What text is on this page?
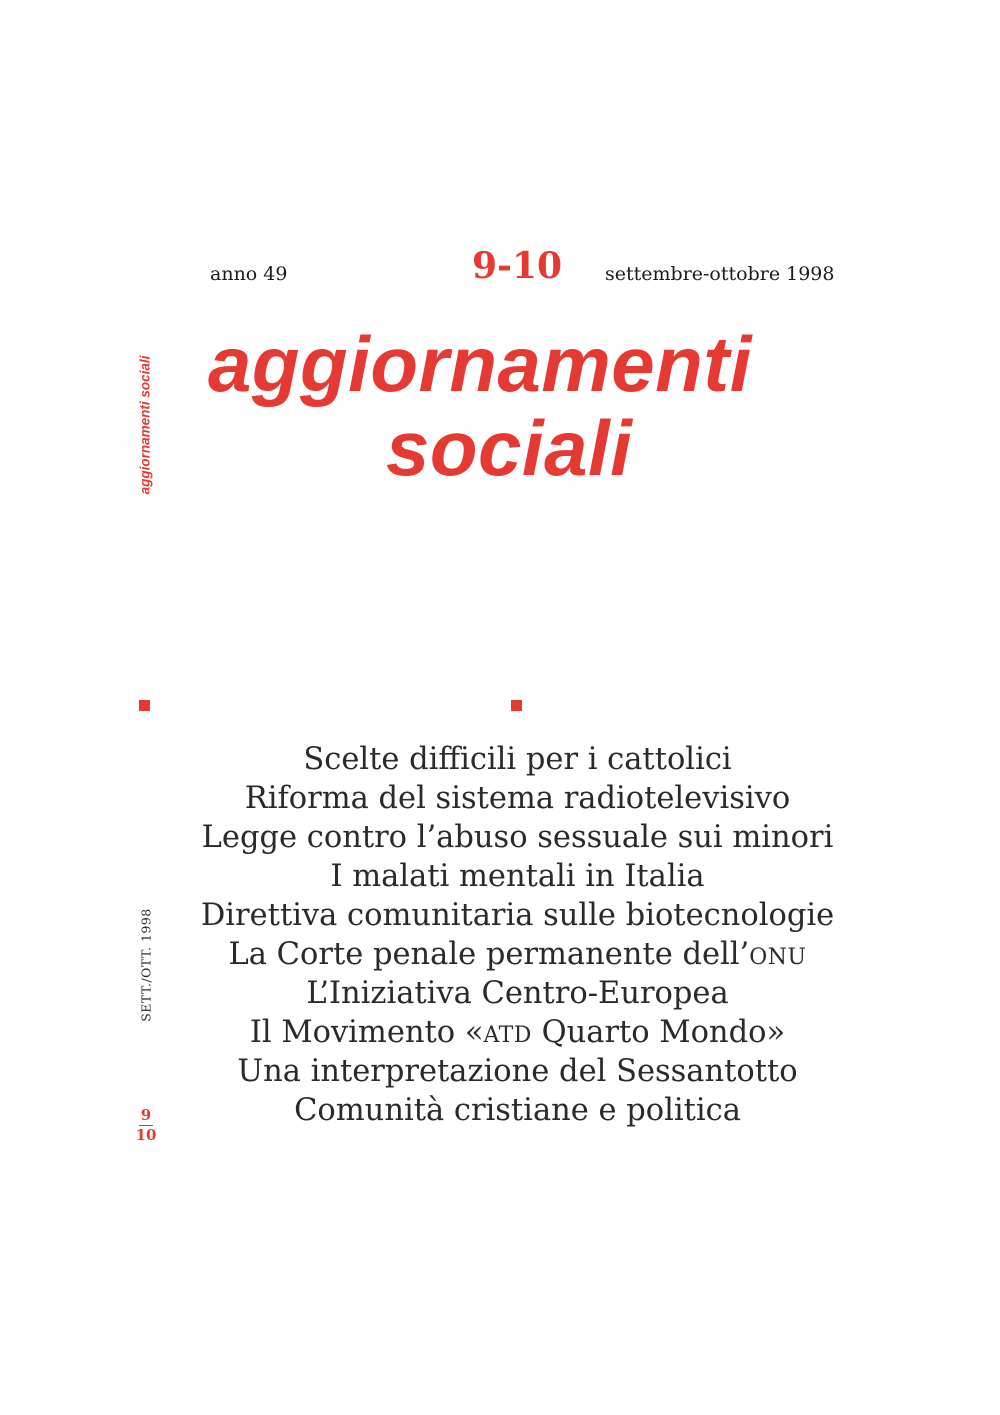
anno 49	9-10 settembre-ottobre 1998
aggiornamenti
sociali
aggiornamenti sociali
SETT./OTT. 1998
9
10
Scelte difficili per i cattolici
Riforma del sistema radiotelevisivo
Legge contro l’abuso sessuale sui minori
I malati mentali in Italia
Direttiva comunitaria sulle biotecnologie
La Corte penale permanente dell’ONU
L’Iniziativa Centro-Europea
Il Movimento «ATD Quarto Mondo»
Una interpretazione del Sessantotto
Comunità cristiane e politica
